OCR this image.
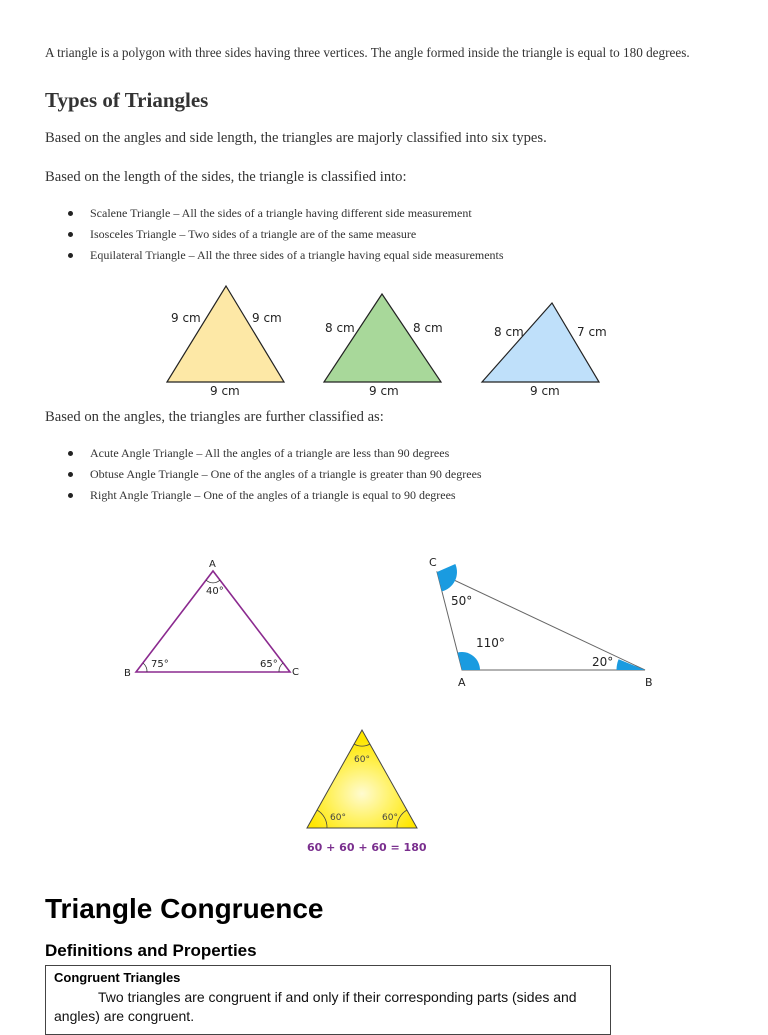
A triangle is a polygon with three sides having three vertices. The angle formed inside the triangle is equal to 180 degrees.

Types of Triangles

Based on the angles and side length, the triangles are majorly classified into six types.

Based on the length of the sides, the triangle is classified into:

Scalene Triangle – All the sides of a triangle having different side measurement
Isosceles Triangle – Two sides of a triangle are of the same measure
Equilateral Triangle – All the three sides of a triangle having equal side measurements
9 cm	9 cm
9 cm
8 cm	8 cm
9 cm
8 cm	7 cm
9 cm

Based on the angles, the triangles are further classified as:

Acute Angle Triangle – All the angles of a triangle are less than 90 degrees
Obtuse Angle Triangle – One of the angles of a triangle is greater than 90 degrees
Right Angle Triangle – One of the angles of a triangle is equal to 90 degrees
A
B	C
40°
75°	65°
C
A	B
50°
110°
20°
60°
60°	60°
60 + 60 + 60 = 180
Triangle Congruence
Definitions and Properties
Congruent Triangles
Two triangles are congruent if and only if their corresponding parts (sides and angles) are congruent.
